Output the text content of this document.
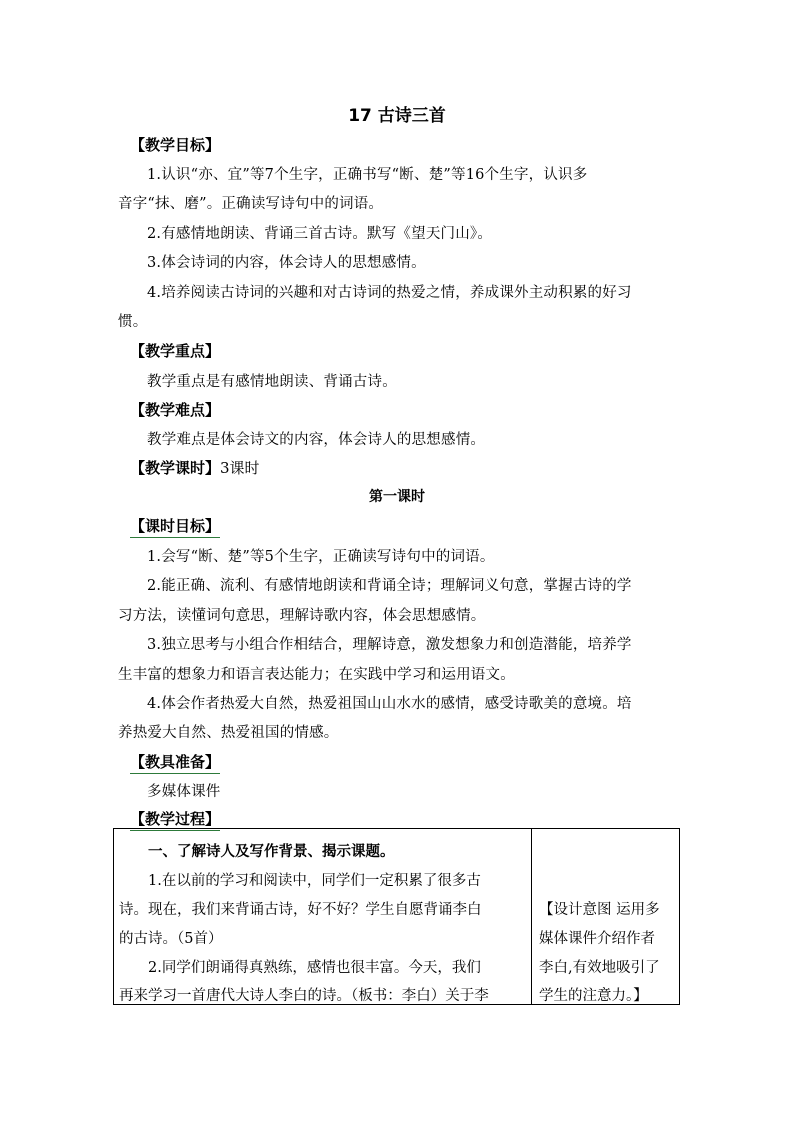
17 古诗三首
【教学目标】
1.认识“亦、宜”等7个生字，正确书写“断、楚”等16个生字，认识多
音字“抹、磨”。正确读写诗句中的词语。
2.有感情地朗读、背诵三首古诗。默写《望天门山》。
3.体会诗词的内容，体会诗人的思想感情。
4.培养阅读古诗词的兴趣和对古诗词的热爱之情，养成课外主动积累的好习
惯。
【教学重点】
教学重点是有感情地朗读、背诵古诗。
【教学难点】
教学难点是体会诗文的内容，体会诗人的思想感情。
【教学课时】3课时
第一课时
【课时目标】
1.会写“断、楚”等5个生字，正确读写诗句中的词语。
2.能正确、流利、有感情地朗读和背诵全诗；理解词义句意，掌握古诗的学
习方法，读懂词句意思，理解诗歌内容，体会思想感情。
3.独立思考与小组合作相结合，理解诗意，激发想象力和创造潜能，培养学
生丰富的想象力和语言表达能力；在实践中学习和运用语文。
4.体会作者热爱大自然，热爱祖国山山水水的感情，感受诗歌美的意境。培
养热爱大自然、热爱祖国的情感。
【教具准备】
多媒体课件
【教学过程】
一、了解诗人及写作背景、揭示课题。
1.在以前的学习和阅读中，同学们一定积累了很多古
诗。现在，我们来背诵古诗，好不好？学生自愿背诵李白
的古诗。（5首）
2.同学们朗诵得真熟练，感情也很丰富。今天，我们
再来学习一首唐代大诗人李白的诗。（板书：李白）关于李
【设计意图 运用多
媒体课件介绍作者
李白,有效地吸引了
学生的注意力。】
